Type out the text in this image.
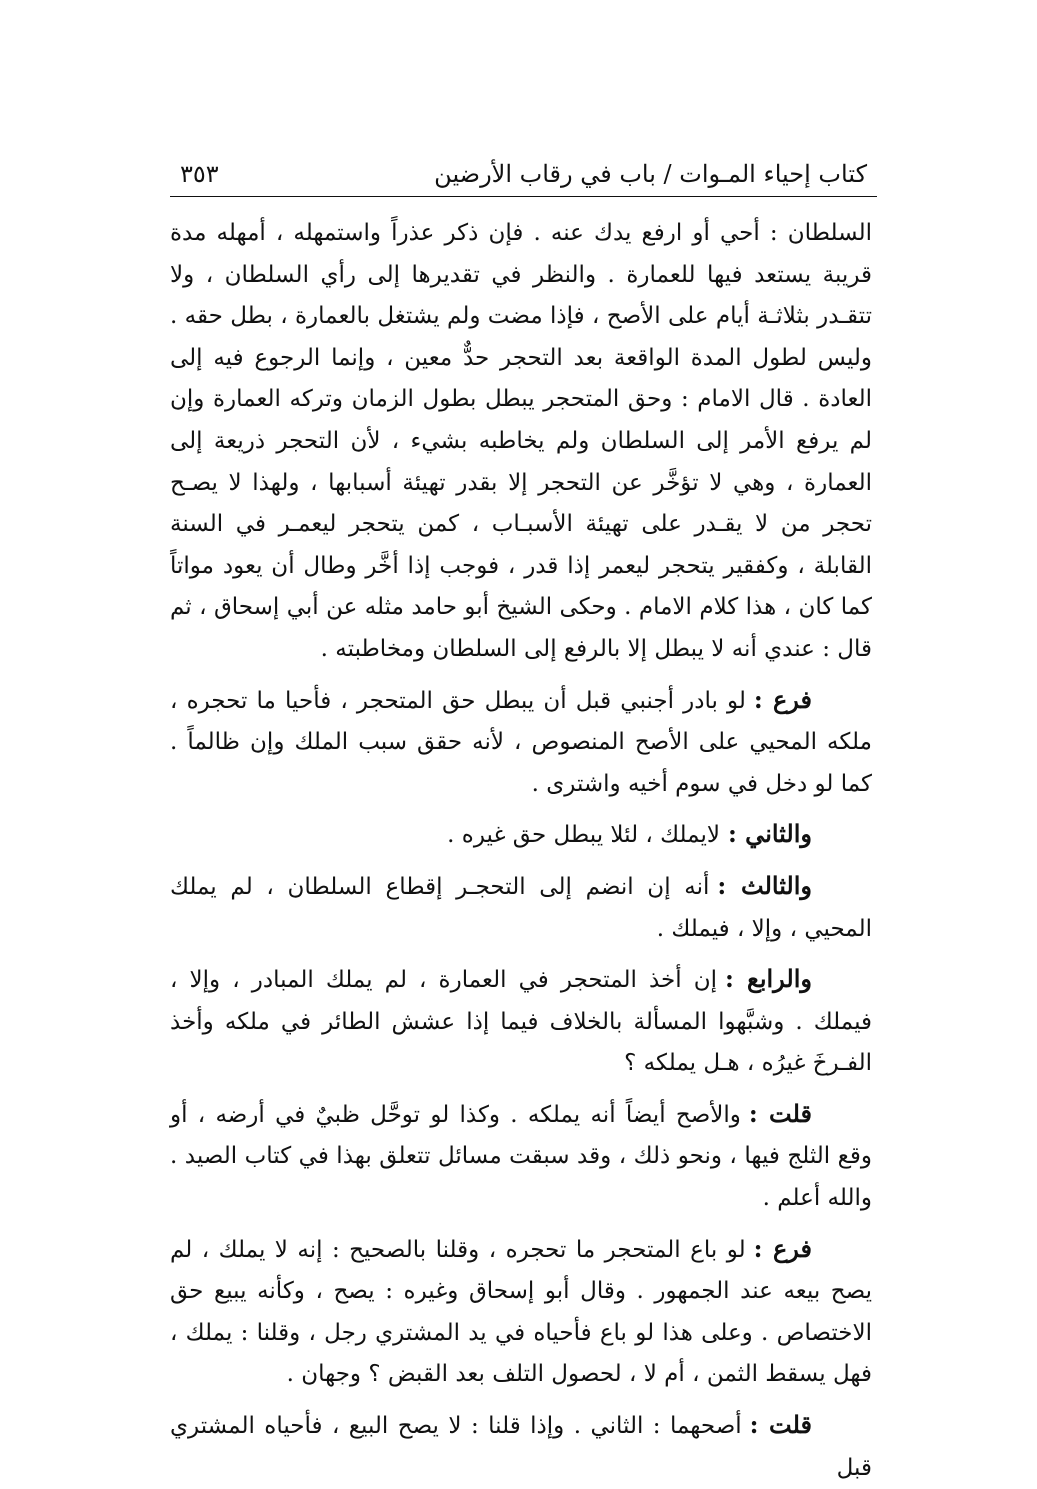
كتاب إحياء المـوات / باب في رقاب الأرضين
٣٥٣

السلطان : أحي أو ارفع يدك عنه . فإن ذكر عذراً واستمهله ، أمهله مدة قريبة يستعد فيها للعمارة . والنظر في تقديرها إلى رأي السلطان ، ولا تتقـدر بثلاثـة أيام على الأصح ، فإذا مضت ولم يشتغل بالعمارة ، بطل حقه . وليس لطول المدة الواقعة بعد التحجر حدٌّ معين ، وإنما الرجوع فيه إلى العادة . قال الامام : وحق المتحجر يبطل بطول الزمان وتركه العمارة وإن لم يرفع الأمر إلى السلطان ولم يخاطبه بشيء ، لأن التحجر ذريعة إلى العمارة ، وهي لا تؤخَّر عن التحجر إلا بقدر تهيئة أسبابها ، ولهذا لا يصـح تحجر من لا يقـدر على تهيئة الأسبـاب ، كمن يتحجر ليعمـر في السنة القابلة ، وكفقير يتحجر ليعمر إذا قدر ، فوجب إذا أخَّر وطال أن يعود مواتاً كما كان ، هذا كلام الامام . وحكى الشيخ أبو حامد مثله عن أبي إسحاق ، ثم قال : عندي أنه لا يبطل إلا بالرفع إلى السلطان ومخاطبته .

فرع :لو بادر أجنبي قبل أن يبطل حق المتحجر ، فأحيا ما تحجره ، ملكه المحيي على الأصح المنصوص ، لأنه حقق سبب الملك وإن ظالماً . كما لو دخل في سوم أخيه واشترى .

والثاني :لايملك ، لئلا يبطل حق غيره .

والثالث :أنه إن انضم إلى التحجـر إقطاع السلطان ، لم يملك المحيي ، وإلا ، فيملك .

والرابع :إن أخذ المتحجر في العمارة ، لم يملك المبادر ، وإلا ، فيملك . وشبَّهوا المسألة بالخلاف فيما إذا عشش الطائر في ملكه وأخذ الفـرخَ غيرُه ، هـل يملكه ؟

قلت :والأصح أيضاً أنه يملكه . وكذا لو توحَّل ظبيٌ في أرضه ، أو وقع الثلج فيها ، ونحو ذلك ، وقد سبقت مسائل تتعلق بهذا في كتاب الصيد . والله أعلم .

فرع :لو باع المتحجر ما تحجره ، وقلنا بالصحيح : إنه لا يملك ، لم يصح بيعه عند الجمهور . وقال أبو إسحاق وغيره : يصح ، وكأنه يبيع حق الاختصاص . وعلى هذا لو باع فأحياه في يد المشتري رجل ، وقلنا : يملك ، فهل يسقط الثمن ، أم لا ، لحصول التلف بعد القبض ؟ وجهان .

قلت :أصحهما : الثاني . وإذا قلنا : لا يصح البيع ، فأحياه المشتري قبل
